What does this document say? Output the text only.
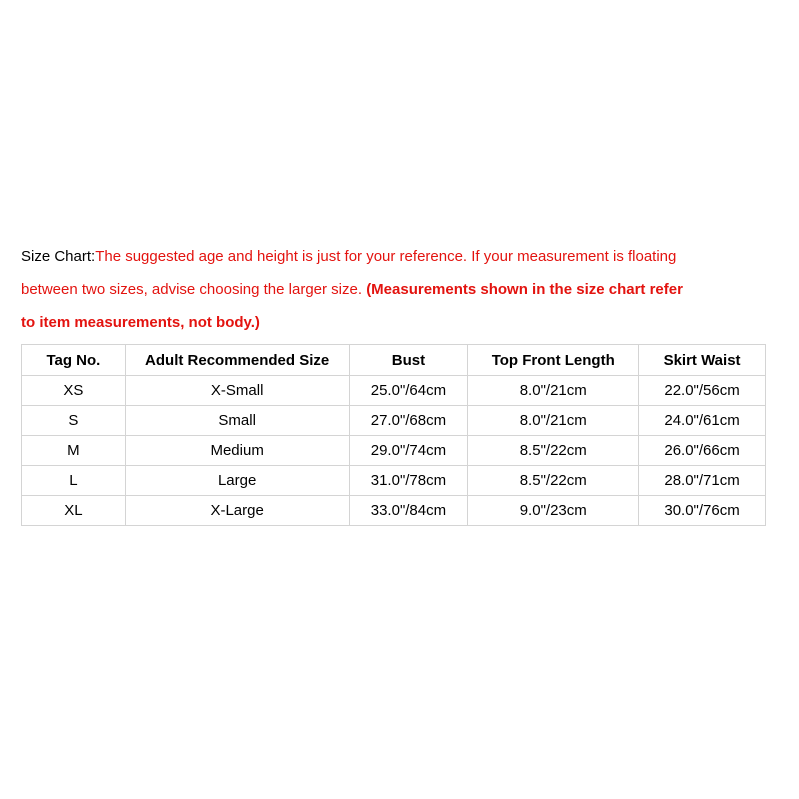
Size Chart:The suggested age and height is just for your reference. If your measurement is floating
between two sizes, advise choosing the larger size. (Measurements shown in the size chart refer
to item measurements, not body.)
Tag No.	Adult Recommended Size	Bust	Top Front Length	Skirt Waist
XS	X-Small	25.0"/64cm	8.0"/21cm	22.0"/56cm
S	Small	27.0"/68cm	8.0"/21cm	24.0"/61cm
M	Medium	29.0"/74cm	8.5"/22cm	26.0"/66cm
L	Large	31.0"/78cm	8.5"/22cm	28.0"/71cm
XL	X-Large	33.0"/84cm	9.0"/23cm	30.0"/76cm
